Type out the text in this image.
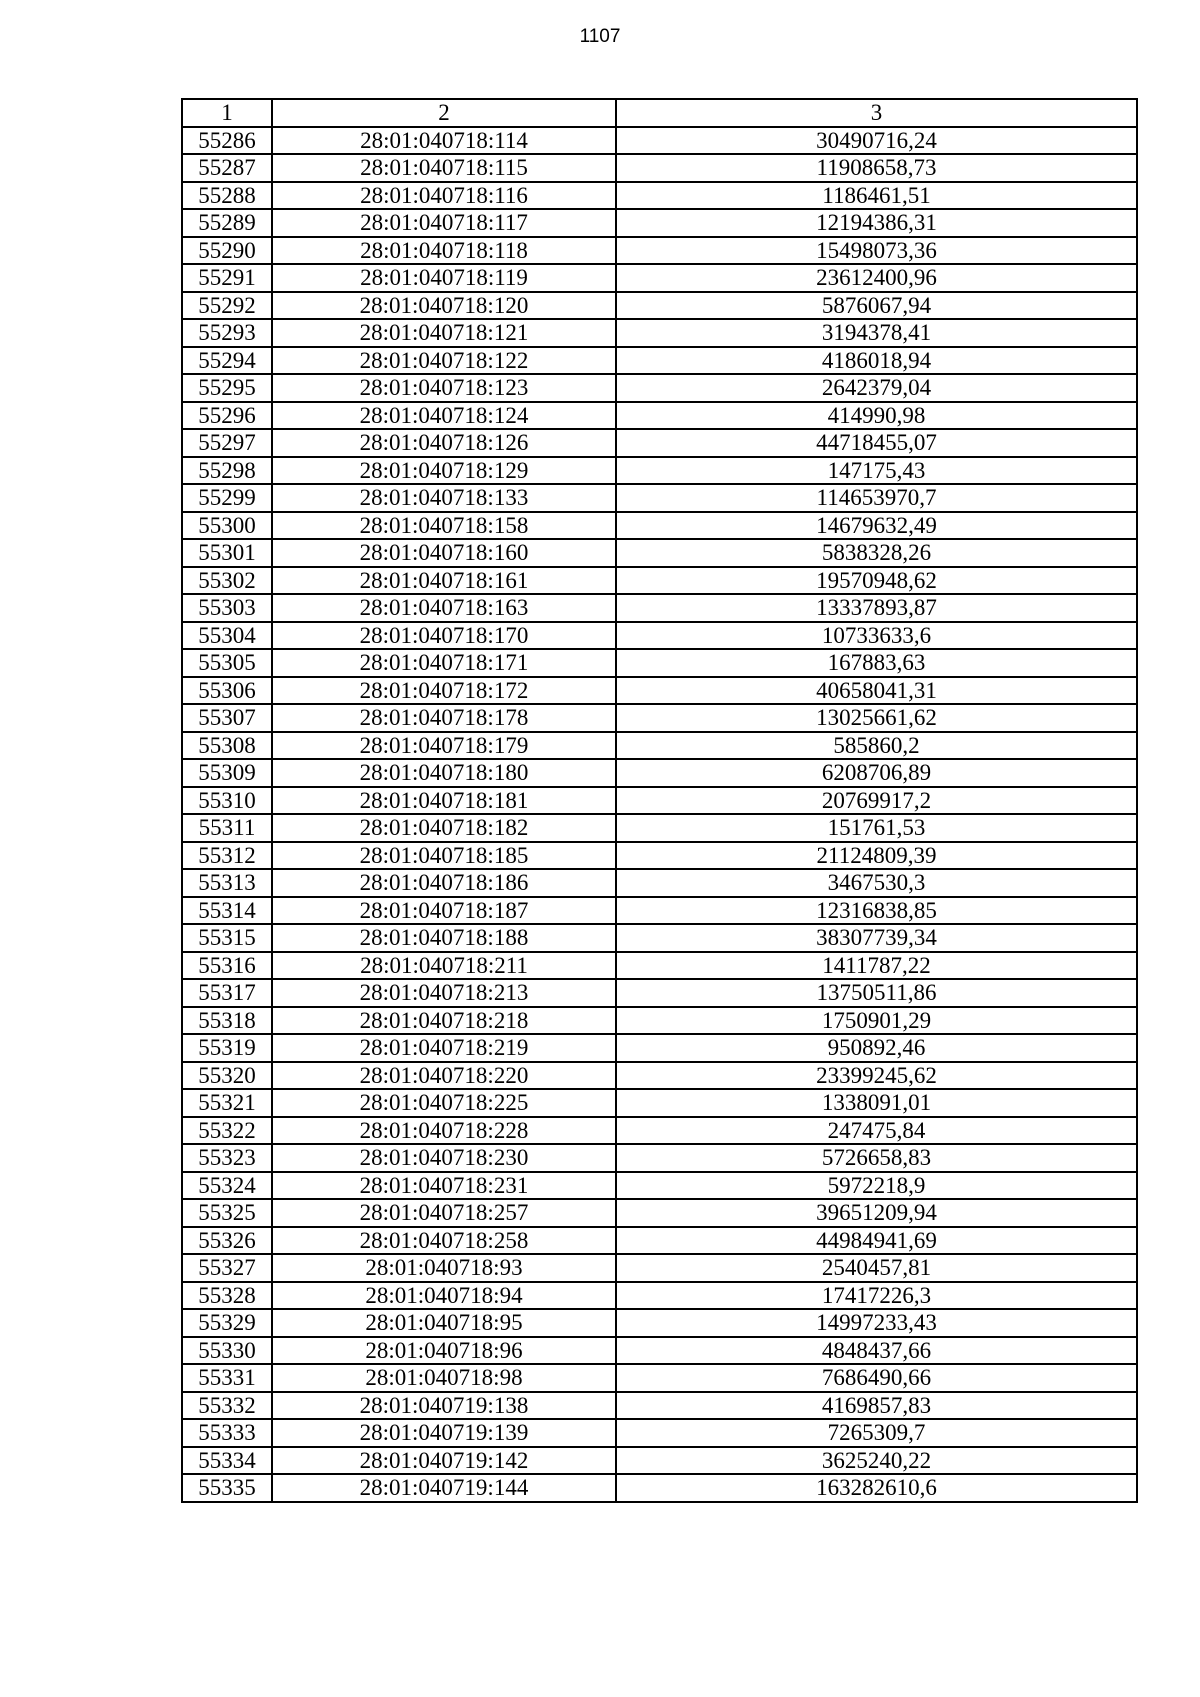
1107
1	2	3
55286	28:01:040718:114	30490716,24
55287	28:01:040718:115	11908658,73
55288	28:01:040718:116	1186461,51
55289	28:01:040718:117	12194386,31
55290	28:01:040718:118	15498073,36
55291	28:01:040718:119	23612400,96
55292	28:01:040718:120	5876067,94
55293	28:01:040718:121	3194378,41
55294	28:01:040718:122	4186018,94
55295	28:01:040718:123	2642379,04
55296	28:01:040718:124	414990,98
55297	28:01:040718:126	44718455,07
55298	28:01:040718:129	147175,43
55299	28:01:040718:133	114653970,7
55300	28:01:040718:158	14679632,49
55301	28:01:040718:160	5838328,26
55302	28:01:040718:161	19570948,62
55303	28:01:040718:163	13337893,87
55304	28:01:040718:170	10733633,6
55305	28:01:040718:171	167883,63
55306	28:01:040718:172	40658041,31
55307	28:01:040718:178	13025661,62
55308	28:01:040718:179	585860,2
55309	28:01:040718:180	6208706,89
55310	28:01:040718:181	20769917,2
55311	28:01:040718:182	151761,53
55312	28:01:040718:185	21124809,39
55313	28:01:040718:186	3467530,3
55314	28:01:040718:187	12316838,85
55315	28:01:040718:188	38307739,34
55316	28:01:040718:211	1411787,22
55317	28:01:040718:213	13750511,86
55318	28:01:040718:218	1750901,29
55319	28:01:040718:219	950892,46
55320	28:01:040718:220	23399245,62
55321	28:01:040718:225	1338091,01
55322	28:01:040718:228	247475,84
55323	28:01:040718:230	5726658,83
55324	28:01:040718:231	5972218,9
55325	28:01:040718:257	39651209,94
55326	28:01:040718:258	44984941,69
55327	28:01:040718:93	2540457,81
55328	28:01:040718:94	17417226,3
55329	28:01:040718:95	14997233,43
55330	28:01:040718:96	4848437,66
55331	28:01:040718:98	7686490,66
55332	28:01:040719:138	4169857,83
55333	28:01:040719:139	7265309,7
55334	28:01:040719:142	3625240,22
55335	28:01:040719:144	163282610,6
